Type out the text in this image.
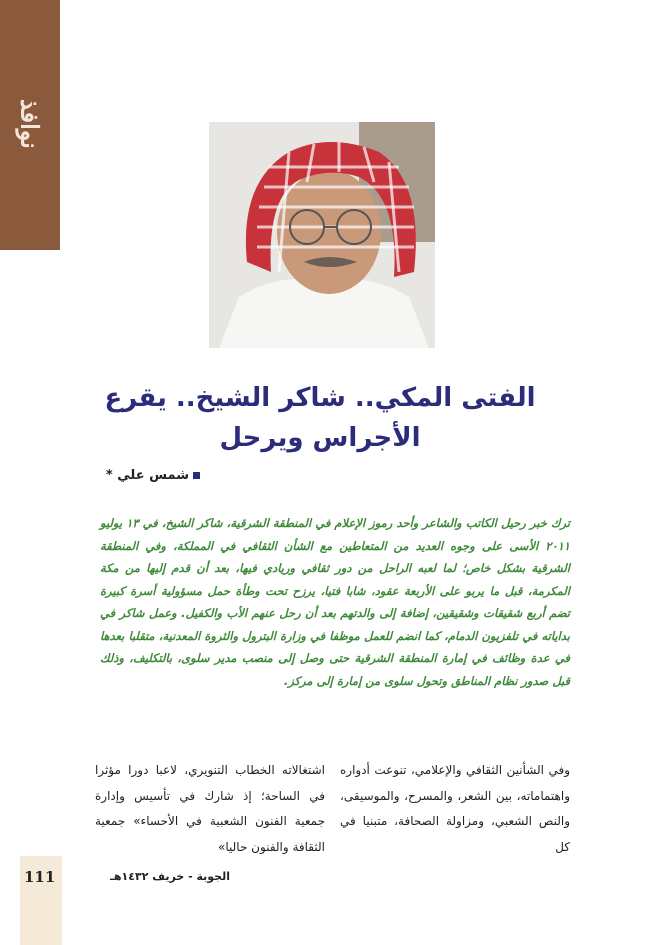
نوافذ
الفتى المكي.. شاكر الشيخ.. يقرع
الأجراس ويرحل
شمس علي *
ترك خبر رحيل الكاتب والشاعر وأحد رموز الإعلام في المنطقة الشرقية، شاكر الشيخ، في ١٣ يوليو ٢٠١١ الأسى على وجوه العديد من المتعاطين مع الشأن الثقافي في المملكة، وفي المنطقة الشرقية بشكل خاص؛ لما لعبه الراحل من دور ثقافي وريادي فيها، بعد أن قدم إليها من مكة المكرمة، قبل ما يربو على الأربعة عقود، شابا فتيا، يرزح تحت وطأة حمل مسؤولية أسرة كبيرة تضم أربع شقيقات وشقيقين، إضافة إلى والدتهم بعد أن رحل عنهم الأب والكفيل. وعمل شاكر في بداياته في تلفزيون الدمام، كما انضم للعمل موظفا في وزارة البترول والثروة المعدنية، متقلبا بعدها في عدة وظائف في إمارة المنطقة الشرقية حتى وصل إلى منصب مدير سلوى، بالتكليف، وذلك قبل صدور نظام المناطق وتحول سلوى من إمارة إلى مركز.
وفي الشأنين الثقافي والإعلامي، تنوعت أدواره واهتماماته، بين الشعر، والمسرح، والموسيقى، والنص الشعبي، ومزاولة الصحافة، متبنيا في كل
اشتغالاته الخطاب التنويري، لاعبا دورا مؤثرا في الساحة؛ إذ شارك في تأسيس وإدارة جمعية الفنون الشعبية في الأحساء» جمعية الثقافة والفنون حاليا»
111	الجوبة - خريف ١٤٣٢هـ
